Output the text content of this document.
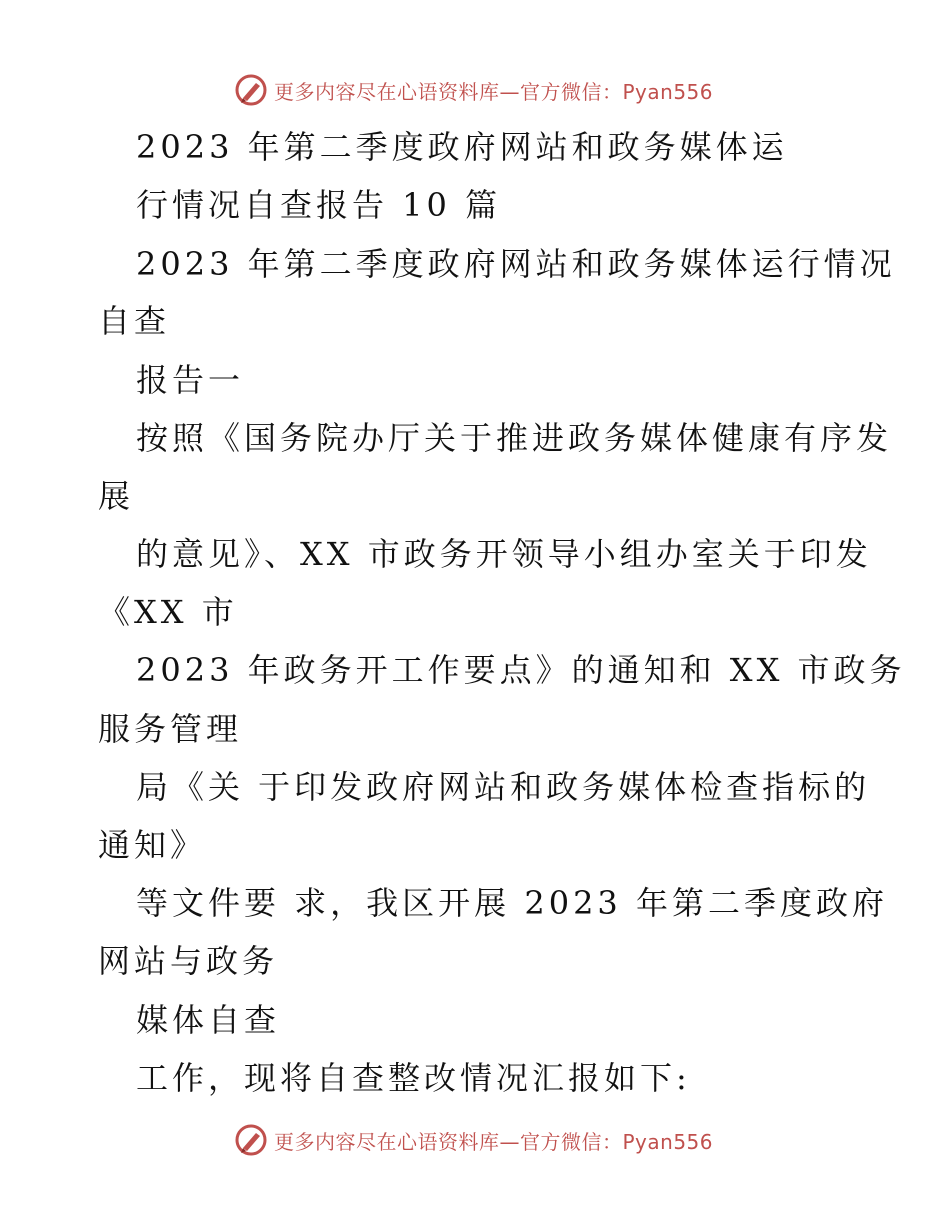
更多内容尽在心语资料库—官方微信：Pyan556
2023 年第二季度政府网站和政务媒体运
行情况自查报告 10 篇
2023 年第二季度政府网站和政务媒体运行情况
自查
报告一
按照《国务院办厅关于推进政务媒体健康有序发
展
的意见》、XX 市政务开领导小组办室关于印发
《XX 市
2023 年政务开工作要点》的通知和 XX 市政务
服务管理
局《关 于印发政府网站和政务媒体检查指标的
通知》
等文件要 求，我区开展 2023 年第二季度政府
网站与政务
媒体自查
工作，现将自查整改情况汇报如下:
更多内容尽在心语资料库—官方微信：Pyan556
